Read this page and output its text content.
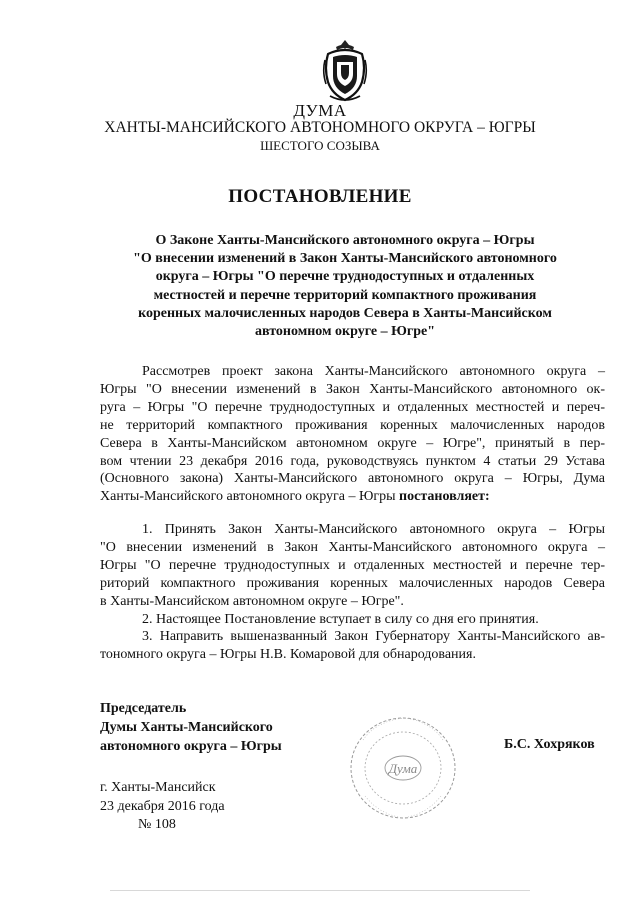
ДУМА
ХАНТЫ-МАНСИЙСКОГО АВТОНОМНОГО ОКРУГА – ЮГРЫ
ШЕСТОГО СОЗЫВА
ПОСТАНОВЛЕНИЕ
О Законе Ханты-Мансийского автономного округа – Югры
"О внесении изменений в Закон Ханты-Мансийского автономного
округа – Югры "О перечне труднодоступных и отдаленных
местностей и перечне территорий компактного проживания
коренных малочисленных народов Севера в Ханты-Мансийском
автономном округе – Югре"
Рассмотрев проект закона Ханты-Мансийского автономного округа –
Югры "О внесении изменений в Закон Ханты-Мансийского автономного ок-
руга – Югры "О перечне труднодоступных и отдаленных местностей и переч-
не территорий компактного проживания коренных малочисленных народов
Севера в Ханты-Мансийском автономном округе – Югре", принятый в пер-
вом чтении 23 декабря 2016 года, руководствуясь пунктом 4 статьи 29 Устава
(Основного закона) Ханты-Мансийского автономного округа – Югры, Дума
Ханты-Мансийского автономного округа – Югры постановляет:
1. Принять Закон Ханты-Мансийского автономного округа – Югры
"О внесении изменений в Закон Ханты-Мансийского автономного округа –
Югры "О перечне труднодоступных и отдаленных местностей и перечне тер-
риторий компактного проживания коренных малочисленных народов Севера
в Ханты-Мансийском автономном округе – Югре".
2. Настоящее Постановление вступает в силу со дня его принятия.
3. Направить вышеназванный Закон Губернатору Ханты-Мансийского ав-
тономного округа – Югры Н.В. Комаровой для обнародования.
Председатель
Думы Ханты-Мансийского
автономного округа – Югры
Дума
Б.С. Хохряков
г. Ханты-Мансийск
23 декабря 2016 года
№ 108
